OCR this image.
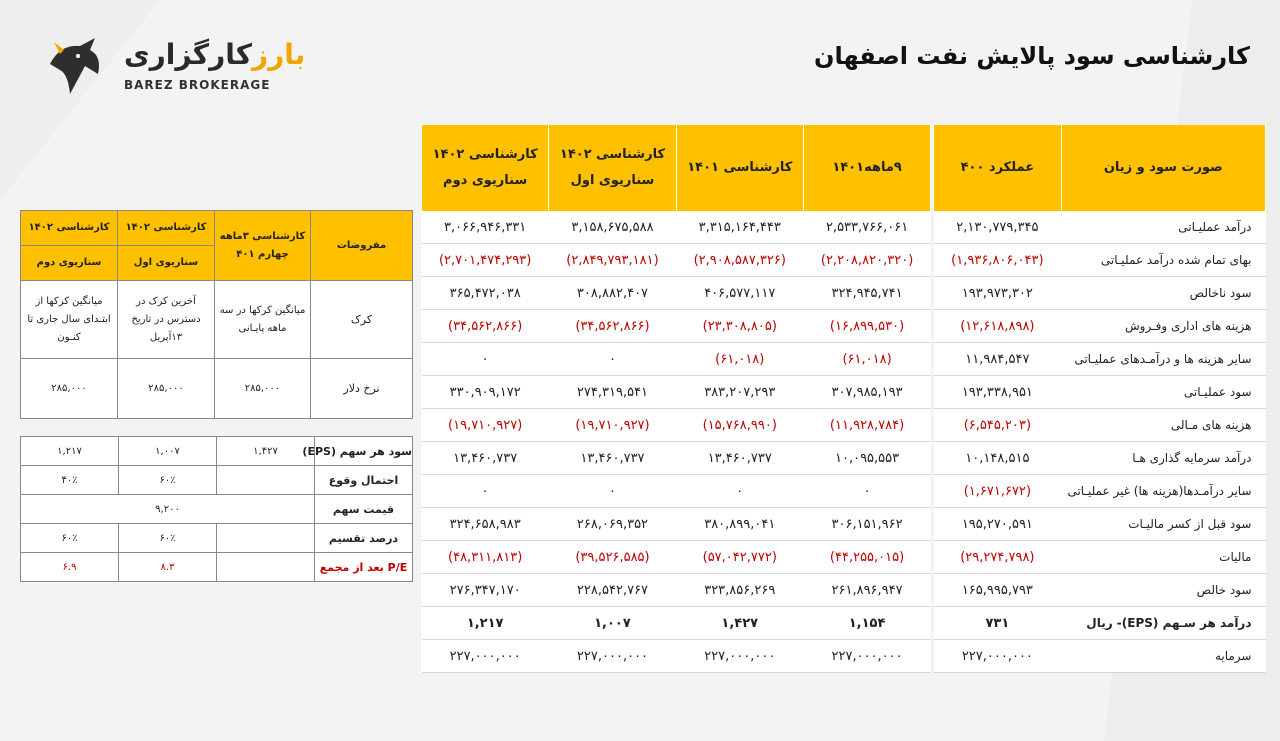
بارزکارگزاری
BAREZ BROKERAGE
کارشناسی سود پالایش نفت اصفهان
صورت سود و زیان	عملکرد ۴۰۰		۹ماهه۱۴۰۱	کارشناسی ۱۴۰۱	کارشناسی ۱۴۰۲ سناریوی اول	کارشناسی ۱۴۰۲ سناریوی دوم
درآمد عملیـاتی	۲,۱۳۰,۷۷۹,۳۴۵		۲,۵۳۳,۷۶۶,۰۶۱	۳,۳۱۵,۱۶۴,۴۴۳	۳,۱۵۸,۶۷۵,۵۸۸	۳,۰۶۶,۹۴۶,۳۳۱
بهای تمام شده درآمد عملیـاتی	(۱,۹۳۶,۸۰۶,۰۴۳)		(۲,۲۰۸,۸۲۰,۳۲۰)	(۲,۹۰۸,۵۸۷,۳۲۶)	(۲,۸۴۹,۷۹۳,۱۸۱)	(۲,۷۰۱,۴۷۴,۲۹۳)
سود ناخالص	۱۹۳,۹۷۳,۳۰۲		۳۲۴,۹۴۵,۷۴۱	۴۰۶,۵۷۷,۱۱۷	۳۰۸,۸۸۲,۴۰۷	۳۶۵,۴۷۲,۰۳۸
هزینه های اداری وفـروش	(۱۲,۶۱۸,۸۹۸)		(۱۶,۸۹۹,۵۳۰)	(۲۳,۳۰۸,۸۰۵)	(۳۴,۵۶۲,۸۶۶)	(۳۴,۵۶۲,۸۶۶)
سایر هزینه ها و درآمـدهای عملیـاتی	۱۱,۹۸۴,۵۴۷		(۶۱,۰۱۸)	(۶۱,۰۱۸)	۰	۰
سود عملیـاتی	۱۹۳,۳۳۸,۹۵۱		۳۰۷,۹۸۵,۱۹۳	۳۸۳,۲۰۷,۲۹۳	۲۷۴,۳۱۹,۵۴۱	۳۳۰,۹۰۹,۱۷۲
هزینه های مـالی	(۶,۵۴۵,۲۰۳)		(۱۱,۹۲۸,۷۸۴)	(۱۵,۷۶۸,۹۹۰)	(۱۹,۷۱۰,۹۲۷)	(۱۹,۷۱۰,۹۲۷)
درآمد سرمایه گذاری هـا	۱۰,۱۴۸,۵۱۵		۱۰,۰۹۵,۵۵۳	۱۳,۴۶۰,۷۳۷	۱۳,۴۶۰,۷۳۷	۱۳,۴۶۰,۷۳۷
سایر درآمـدها(هزینه ها) غیر عملیـاتی	(۱,۶۷۱,۶۷۲)		۰	۰	۰	۰
سود قبل از کسر مالیـات	۱۹۵,۲۷۰,۵۹۱		۳۰۶,۱۵۱,۹۶۲	۳۸۰,۸۹۹,۰۴۱	۲۶۸,۰۶۹,۳۵۲	۳۲۴,۶۵۸,۹۸۳
مالیات	(۲۹,۲۷۴,۷۹۸)		(۴۴,۲۵۵,۰۱۵)	(۵۷,۰۴۲,۷۷۲)	(۳۹,۵۲۶,۵۸۵)	(۴۸,۳۱۱,۸۱۳)
سود خالص	۱۶۵,۹۹۵,۷۹۳		۲۶۱,۸۹۶,۹۴۷	۳۲۳,۸۵۶,۲۶۹	۲۲۸,۵۴۲,۷۶۷	۲۷۶,۳۴۷,۱۷۰
درآمد هر سـهم (EPS)- ریال	۷۳۱		۱,۱۵۴	۱,۴۲۷	۱,۰۰۷	۱,۲۱۷
سرمایه	۲۲۷,۰۰۰,۰۰۰		۲۲۷,۰۰۰,۰۰۰	۲۲۷,۰۰۰,۰۰۰	۲۲۷,۰۰۰,۰۰۰	۲۲۷,۰۰۰,۰۰۰
مفروضات	کارشناسی ۳ماهه چهارم ۴۰۱	کارشناسی ۱۴۰۲	کارشناسی ۱۴۰۲
		سناریوی اول	سناریوی دوم
کرک	میانگین کرکها در سه ماهه پایـانی	آخرین کرک در دسترس در تاریخ ۱۳آپریل	میانگین کرکها از ابتـدای سال جاری تا کنـون
نرخ دلار	۲۸۵,۰۰۰	۲۸۵,۰۰۰	۲۸۵,۰۰۰
سود هر سهم (EPS)	۱,۴۲۷	۱,۰۰۷	۱,۲۱۷
احتمال وقوع		۶۰٪	۴۰٪
قیمت سهم	۹,۲۰۰		
درصد تقسیم		۶۰٪	۶۰٪
P/E بعد از مجمع		۸.۳	۶.۹
